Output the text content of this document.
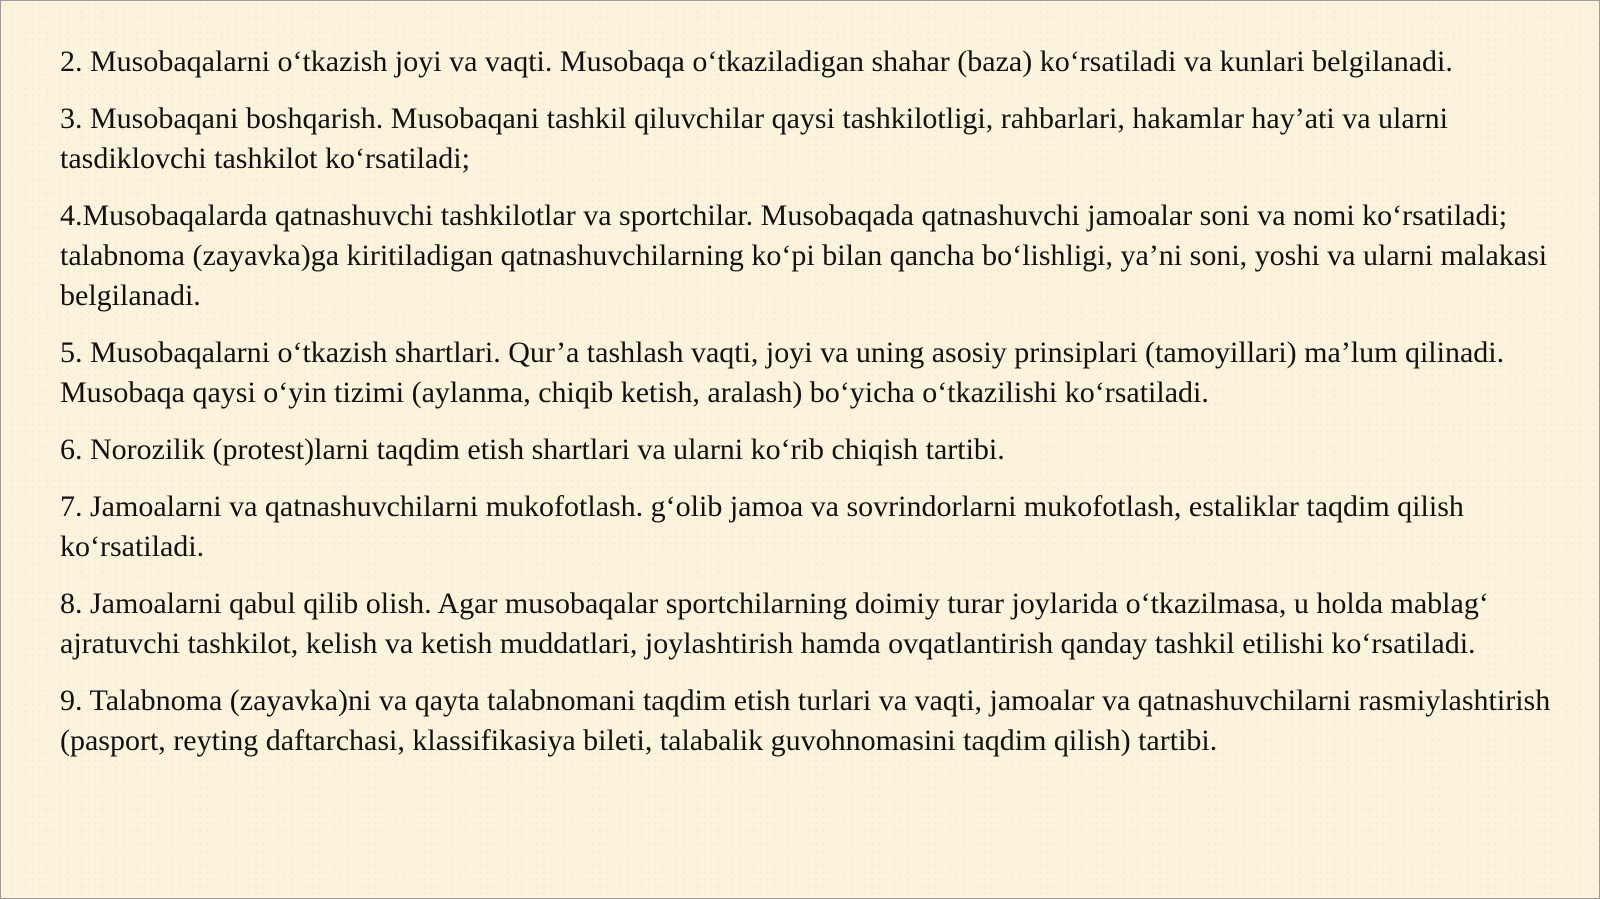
2. Musobaqalarni o‘tkazish joyi va vaqti. Musobaqa o‘tkaziladigan shahar (baza) ko‘rsatiladi va kunlari belgilanadi.

3. Musobaqani boshqarish. Musobaqani tashkil qiluvchilar qaysi tashkilotligi, rahbarlari, hakamlar hay’ati va ularni tasdiklovchi tashkilot ko‘rsatiladi;

4.Musobaqalarda qatnashuvchi tashkilotlar va sportchilar. Musobaqada qatnashuvchi jamoalar soni va nomi ko‘rsatiladi; talabnoma (zayavka)ga kiritiladigan qatnashuvchilarning ko‘pi bilan qancha bo‘lishligi, ya’ni soni, yoshi va ularni malakasi belgilanadi.

5. Musobaqalarni o‘tkazish shartlari. Qur’a tashlash vaqti, joyi va uning asosiy prinsiplari (tamoyillari) ma’lum qilinadi. Musobaqa qaysi o‘yin tizimi (aylanma, chiqib ketish, aralash) bo‘yicha o‘tkazilishi ko‘rsatiladi.

6. Norozilik (protest)larni taqdim etish shartlari va ularni ko‘rib chiqish tartibi.

7. Jamoalarni va qatnashuvchilarni mukofotlash. g‘olib jamoa va sovrindorlarni mukofotlash, estaliklar taqdim qilish ko‘rsatiladi.

8. Jamoalarni qabul qilib olish. Agar musobaqalar sportchilarning doimiy turar joylarida o‘tkazilmasa, u holda mablag‘ ajratuvchi tashkilot, kelish va ketish muddatlari, joylashtirish hamda ovqatlantirish qanday tashkil etilishi ko‘rsatiladi.

9. Talabnoma (zayavka)ni va qayta talabnomani taqdim etish turlari va vaqti, jamoalar va qatnashuvchilarni rasmiylashtirish (pasport, reyting daftarchasi, klassifikasiya bileti, talabalik guvohnomasini taqdim qilish) tartibi.
